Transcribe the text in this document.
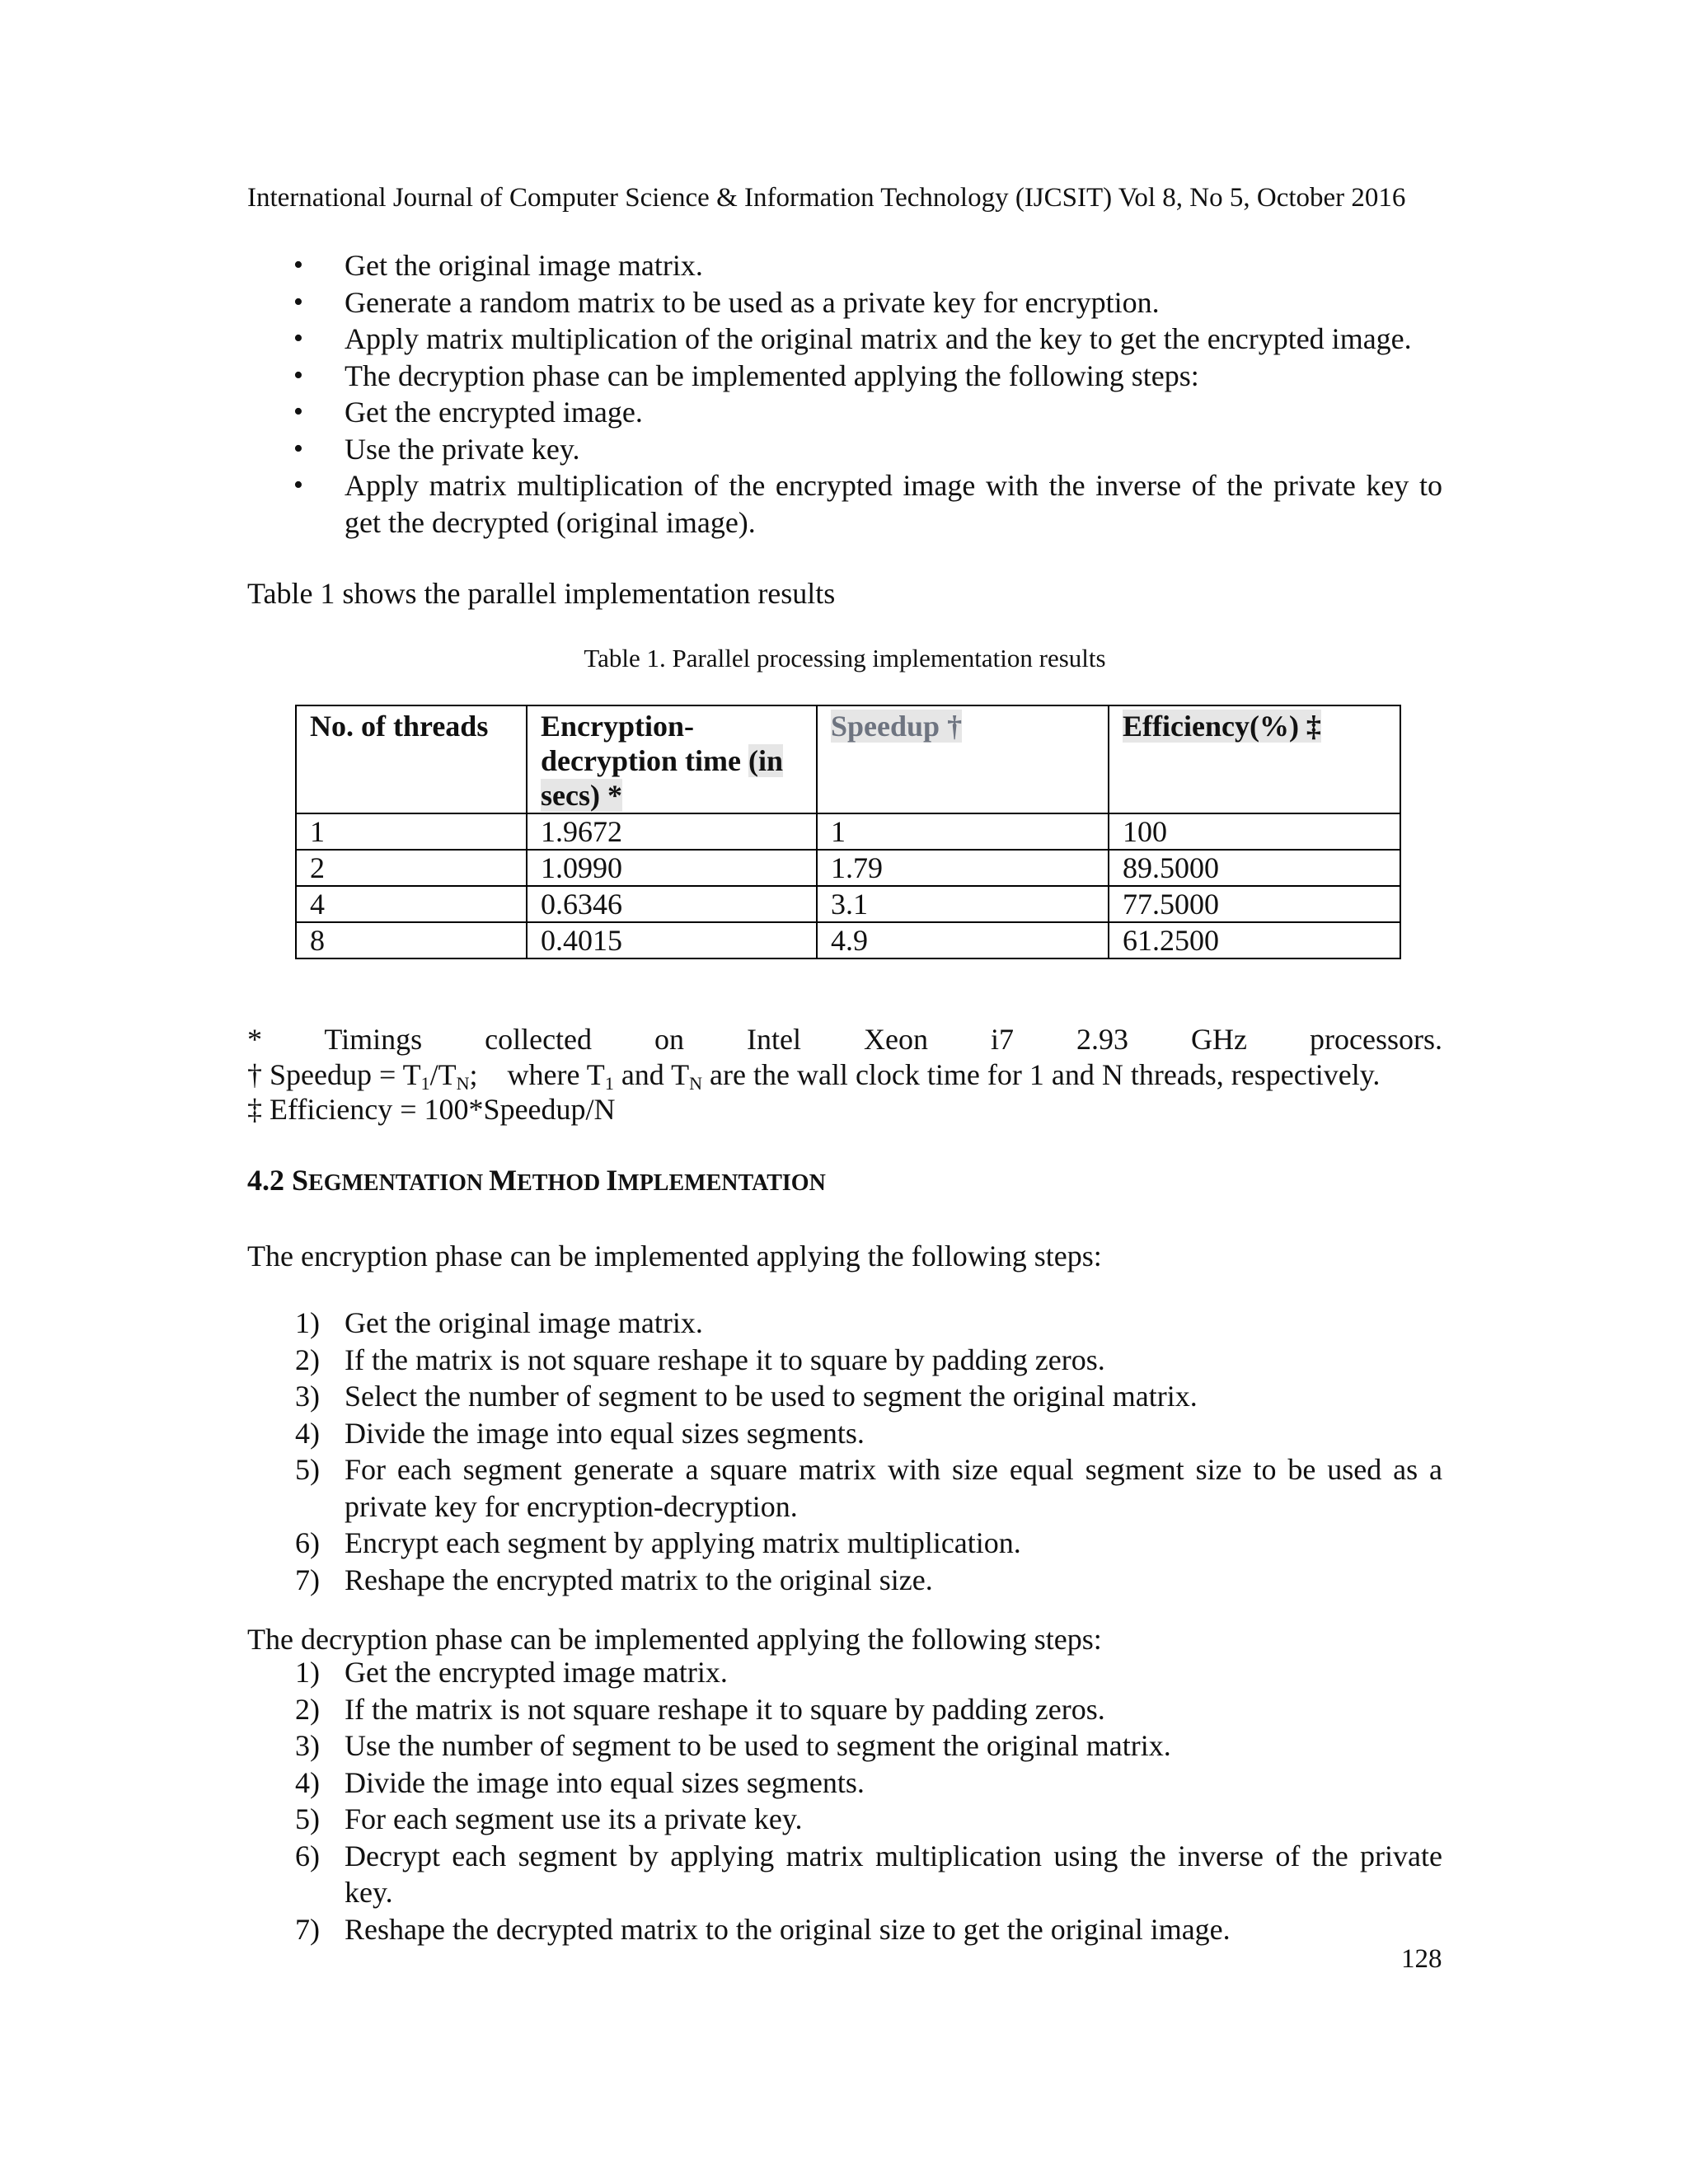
International Journal of Computer Science & Information Technology (IJCSIT) Vol 8, No 5, October 2016
• Get the original image matrix.
• Generate a random matrix to be used as a private key for encryption.
• Apply matrix multiplication of the original matrix and the key to get the encrypted image.
• The decryption phase can be implemented applying the following steps:
• Get the encrypted image.
• Use the private key.
• Apply matrix multiplication of the encrypted image with the inverse of the private key to get the decrypted (original image).
Table 1 shows the parallel implementation results
Table 1. Parallel processing implementation results
No. of threads	Encryption-decryption time (in secs) *	Speedup †	Efficiency(%) ‡
1	1.9672	1	100
2	1.0990	1.79	89.5000
4	0.6346	3.1	77.5000
8	0.4015	4.9	61.2500
* Timings collected on Intel Xeon i7 2.93 GHz processors.
† Speedup = $T_1/T_N$;    where $T_1$ and $T_N$ are the wall clock time for 1 and N threads, respectively.
‡ Efficiency = 100*Speedup/N
4.2 SEGMENTATION METHOD IMPLEMENTATION
The encryption phase can be implemented applying the following steps:
1) Get the original image matrix.
2) If the matrix is not square reshape it to square by padding zeros.
3) Select the number of segment to be used to segment the original matrix.
4) Divide the image into equal sizes segments.
5) For each segment generate a square matrix with size equal segment size to be used as a private key for encryption-decryption.
6) Encrypt each segment by applying matrix multiplication.
7) Reshape the encrypted matrix to the original size.
The decryption phase can be implemented applying the following steps:
1) Get the encrypted image matrix.
2) If the matrix is not square reshape it to square by padding zeros.
3) Use the number of segment to be used to segment the original matrix.
4) Divide the image into equal sizes segments.
5) For each segment use its a private key.
6) Decrypt each segment by applying matrix multiplication using the inverse of the private key.
7) Reshape the decrypted matrix to the original size to get the original image.
128
